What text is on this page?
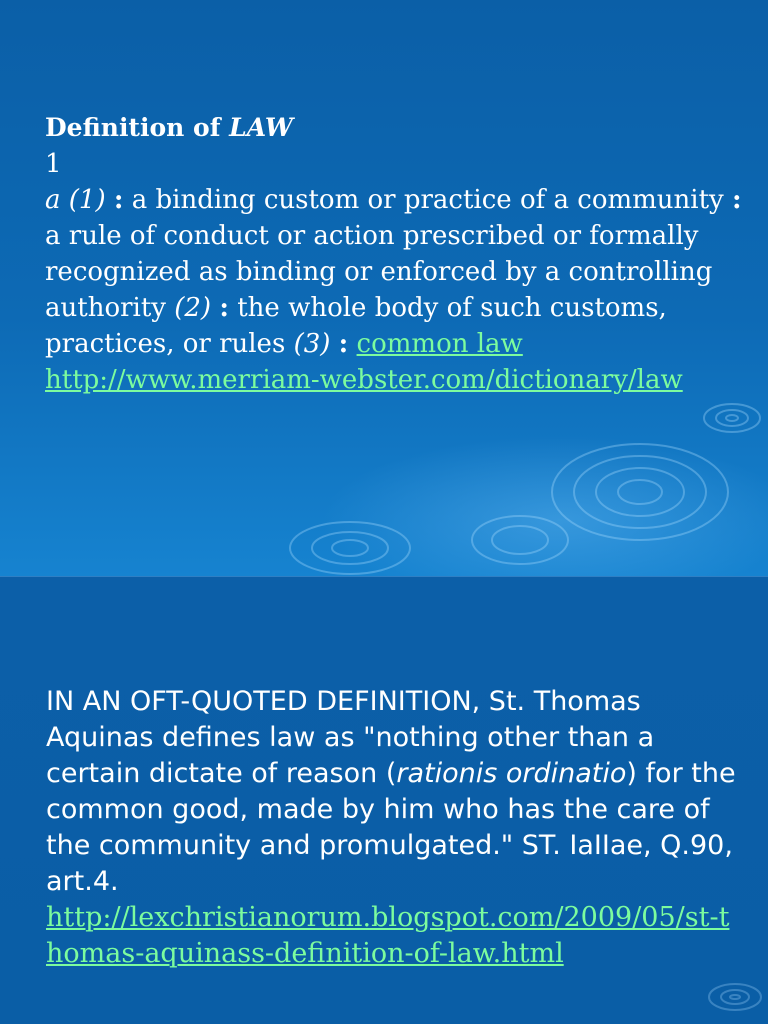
Definition of LAW
1
a (1) : a binding custom or practice of a community : a rule of conduct or action prescribed or formally recognized as binding or enforced by a controlling authority (2) : the whole body of such customs, practices, or rules (3) : common law
http://www.merriam-webster.com/dictionary/law
IN AN OFT-QUOTED DEFINITION, St. Thomas Aquinas defines law as "nothing other than a certain dictate of reason (rationis ordinatio) for the common good, made by him who has the care of the community and promulgated." ST. IaIIae, Q.90, art.4.
http://lexchristianorum.blogspot.com/2009/05/st-thomas-aquinass-definition-of-law.html
